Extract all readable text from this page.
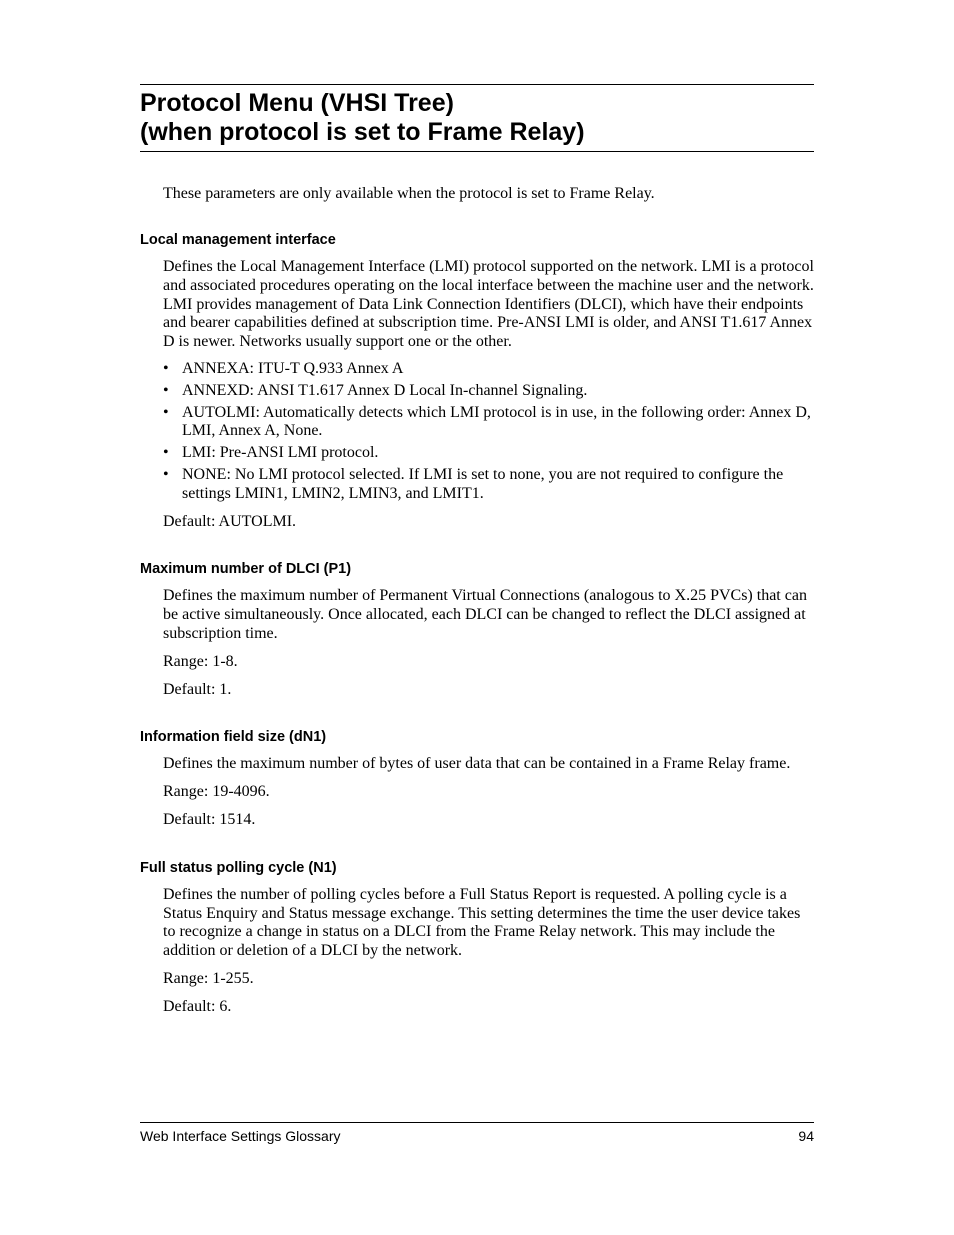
Protocol Menu (VHSI Tree)
(when protocol is set to Frame Relay)

These parameters are only available when the protocol is set to Frame Relay.

Local management interface

Defines the Local Management Interface (LMI) protocol supported on the network. LMI is a protocol and associated procedures operating on the local interface between the machine user and the network. LMI provides management of Data Link Connection Identifiers (DLCI), which have their endpoints and bearer capabilities defined at subscription time. Pre-ANSI LMI is older, and ANSI T1.617 Annex D is newer. Networks usually support one or the other.

• ANNEXA: ITU-T Q.933 Annex A
• ANNEXD: ANSI T1.617 Annex D Local In-channel Signaling.
• AUTOLMI: Automatically detects which LMI protocol is in use, in the following order: Annex D, LMI, Annex A, None.
• LMI: Pre-ANSI LMI protocol.
• NONE: No LMI protocol selected. If LMI is set to none, you are not required to configure the settings LMIN1, LMIN2, LMIN3, and LMIT1.

Default: AUTOLMI.

Maximum number of DLCI (P1)

Defines the maximum number of Permanent Virtual Connections (analogous to X.25 PVCs) that can be active simultaneously. Once allocated, each DLCI can be changed to reflect the DLCI assigned at subscription time.

Range: 1-8.

Default: 1.

Information field size (dN1)

Defines the maximum number of bytes of user data that can be contained in a Frame Relay frame.

Range: 19-4096.

Default: 1514.

Full status polling cycle (N1)

Defines the number of polling cycles before a Full Status Report is requested. A polling cycle is a Status Enquiry and Status message exchange. This setting determines the time the user device takes to recognize a change in status on a DLCI from the Frame Relay network. This may include the addition or deletion of a DLCI by the network.

Range: 1-255.

Default: 6.

Web Interface Settings Glossary	94
